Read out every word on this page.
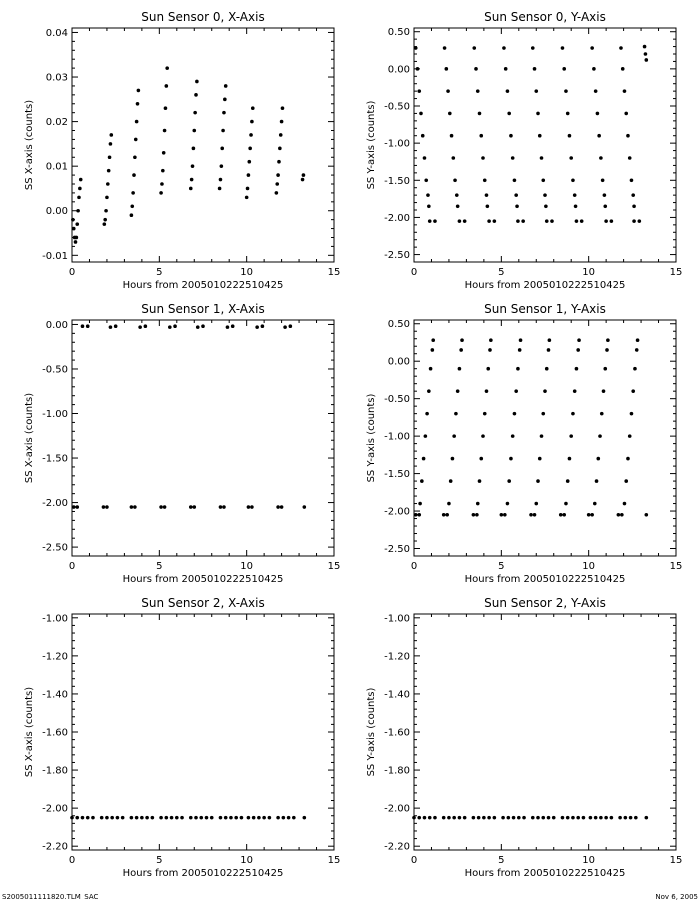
Sun Sensor 0, X-Axis
Hours from 2005010222510425
SS X-axis (counts)
0	5	10	15
-0.01
0.00
0.01
0.02
0.03
0.04
Sun Sensor 0, Y-Axis
Hours from 2005010222510425
SS Y-axis (counts)
0	5	10	15
-2.50
-2.00
-1.50
-1.00
-0.50
0.00
0.50
Sun Sensor 1, X-Axis
Hours from 2005010222510425
SS X-axis (counts)
0	5	10	15
-2.50
-2.00
-1.50
-1.00
-0.50
0.00
Sun Sensor 1, Y-Axis
Hours from 2005010222510425
SS Y-axis (counts)
0	5	10	15
-2.50
-2.00
-1.50
-1.00
-0.50
0.00
0.50
Sun Sensor 2, X-Axis
Hours from 2005010222510425
SS X-axis (counts)
0	5	10	15
-2.20
-2.00
-1.80
-1.60
-1.40
-1.20
-1.00
Sun Sensor 2, Y-Axis
Hours from 2005010222510425
SS Y-axis (counts)
0	5	10	15
-2.20
-2.00
-1.80
-1.60
-1.40
-1.20
-1.00
S2005011111820.TLM_SAC	Nov 6, 2005
